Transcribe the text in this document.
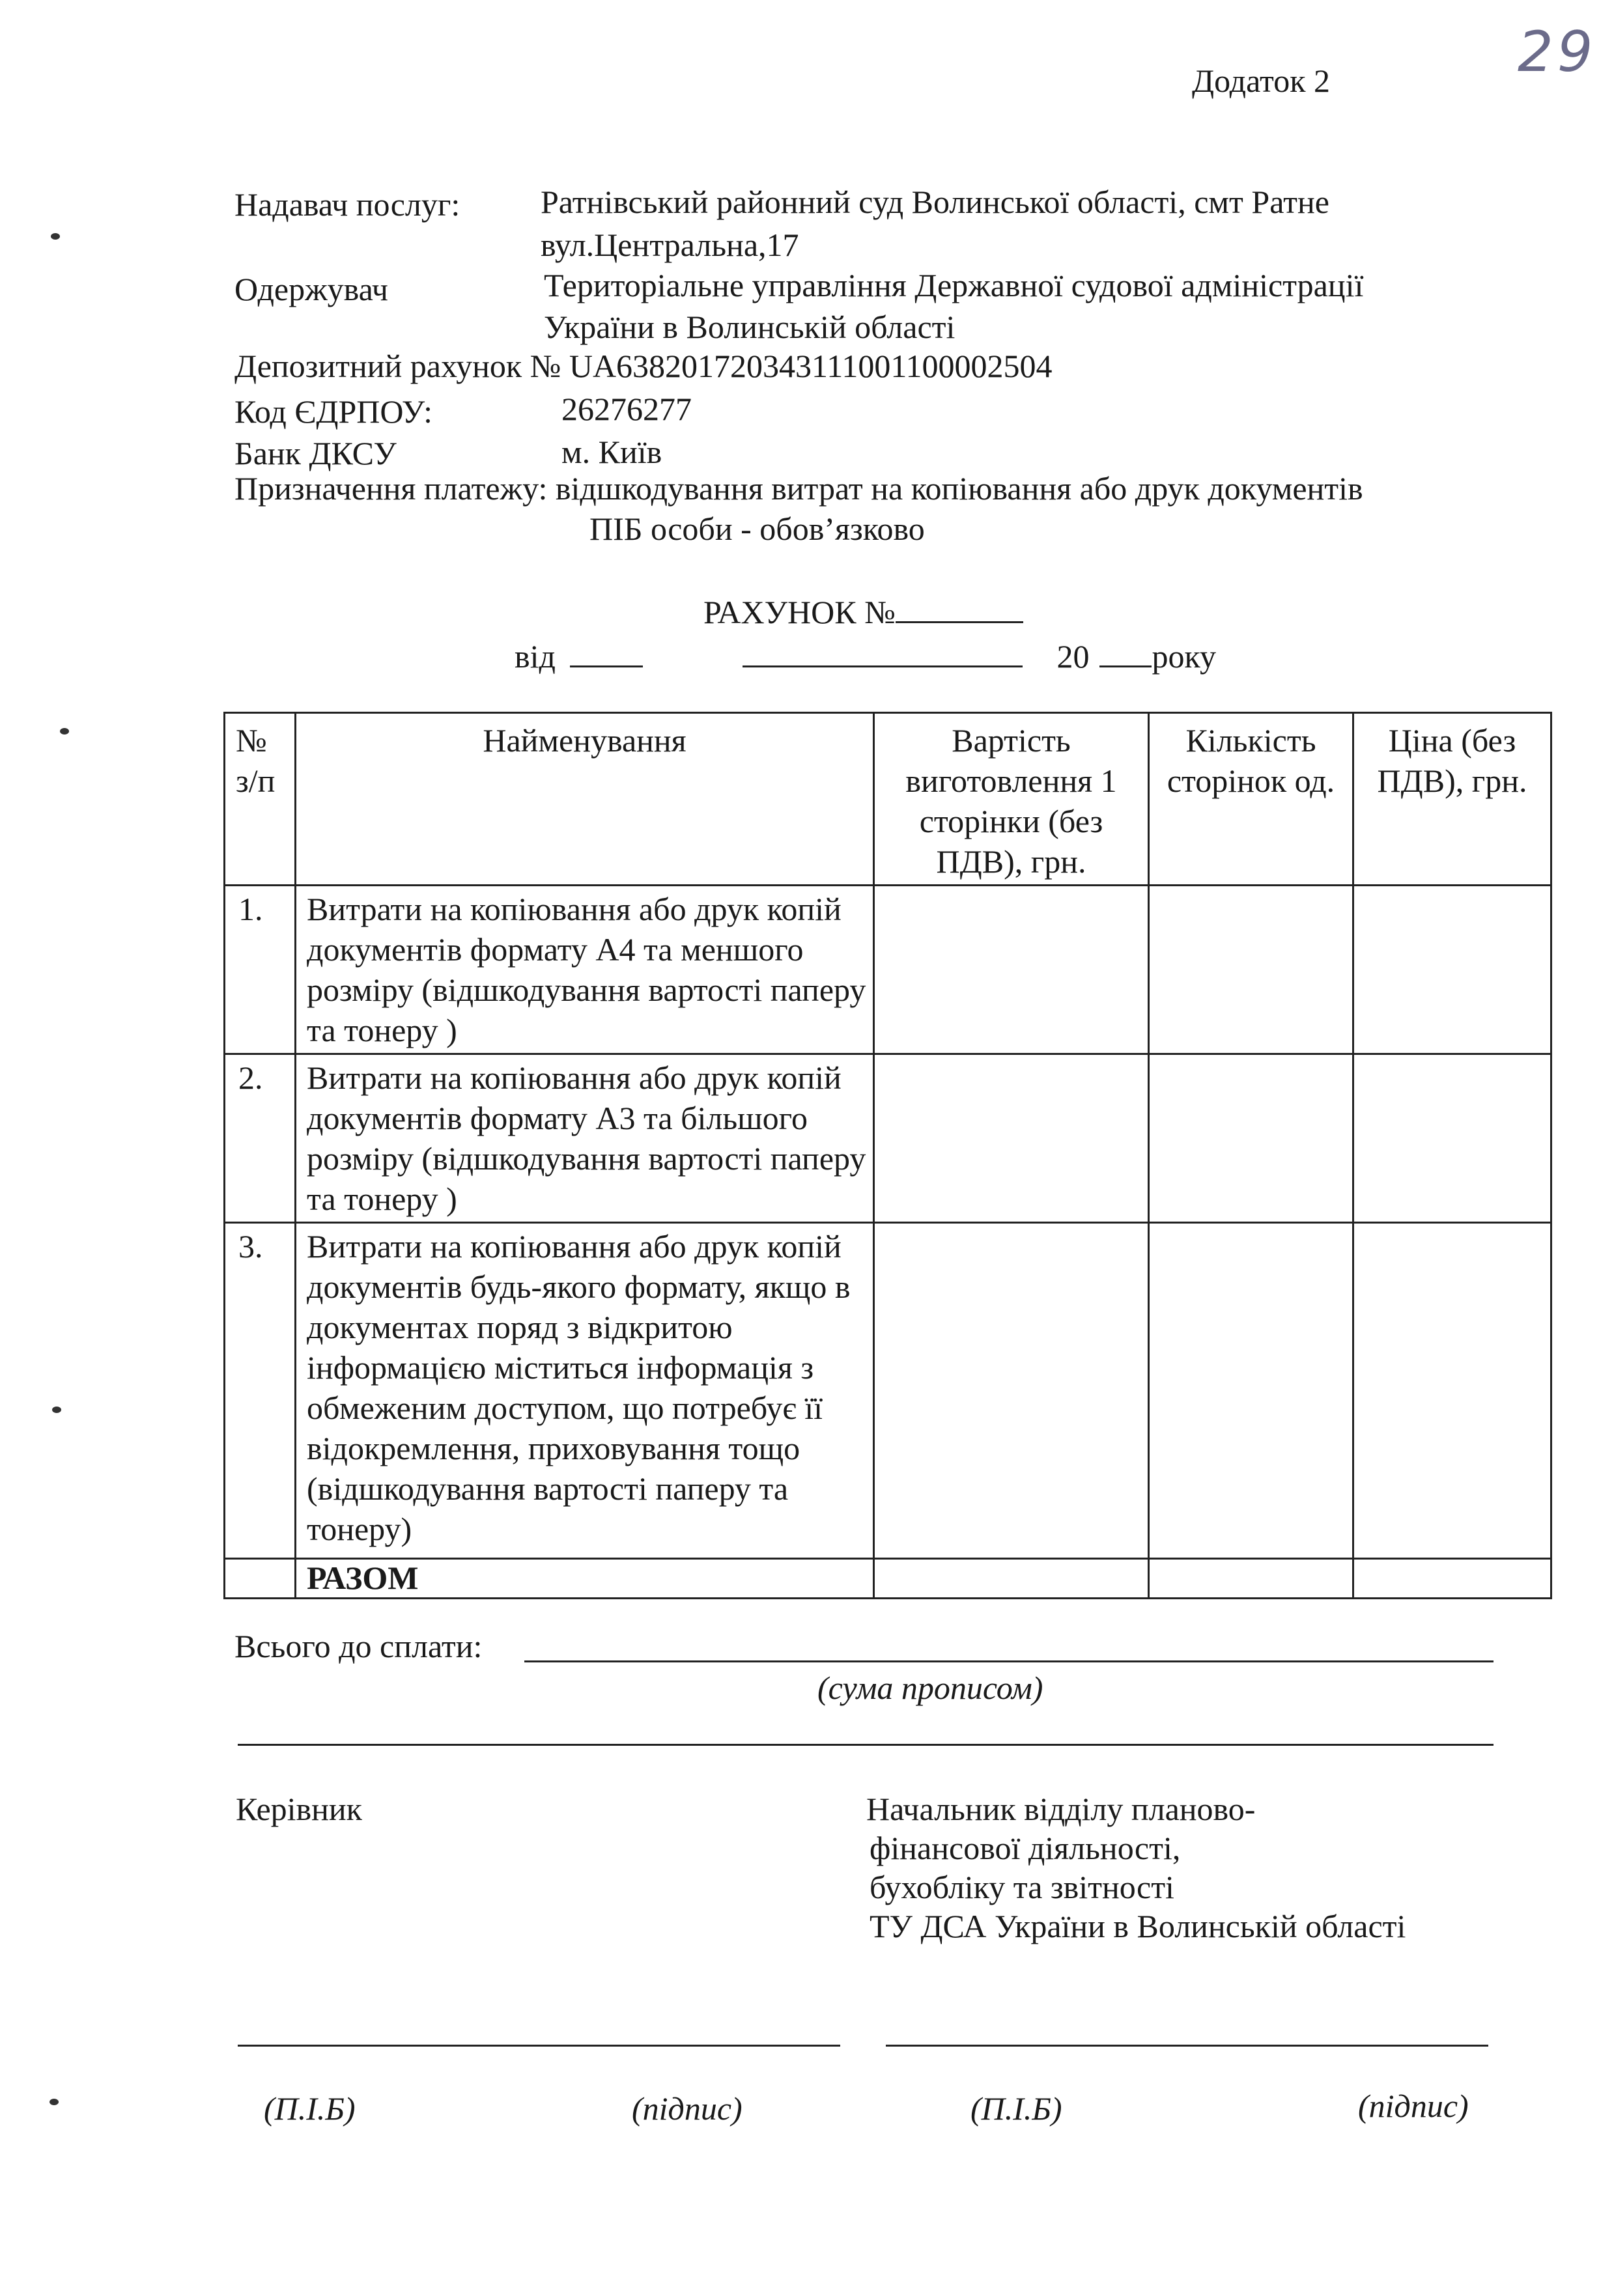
29
Додаток 2
Надавач послуг: Ратнівський районний суд Волинської області, смт Ратне
вул.Центральна,17
Одержувач	Територіальне управління Державної судової адміністрації
України в Волинській області
Депозитний рахунок № UA638201720343111001100002504
Код ЄДРПОУ:	26276277
Банк ДКСУ	м. Київ
Призначення платежу: відшкодування витрат на копіювання або друк документів
ПІБ особи - обов’язково
РАХУНОК №
від	20 року
№ з/п	Найменування	Вартість виготовлення 1 сторінки (без ПДВ), грн.	Кількість сторінок од.	Ціна (без ПДВ), грн.
1.	Витрати на копіювання або друк копій документів формату А4 та меншого розміру (відшкодування вартості паперу та тонеру )			
2.	Витрати на копіювання або друк копій документів формату А3 та більшого розміру (відшкодування вартості паперу та тонеру )			
3.	Витрати на копіювання або друк копій документів будь-якого формату, якщо в документах поряд з відкритою інформацією міститься інформація з обмеженим доступом, що потребує її відокремлення, приховування тощо (відшкодування вартості паперу та тонеру)			
	РАЗОМ			
Всього до сплати:
(сума прописом)
Керівник	Начальник відділу планово-
фінансової діяльності,
бухобліку та звітності
ТУ ДСА України в Волинській області
(П.І.Б)	(підпис)	(П.І.Б)	(підпис)
